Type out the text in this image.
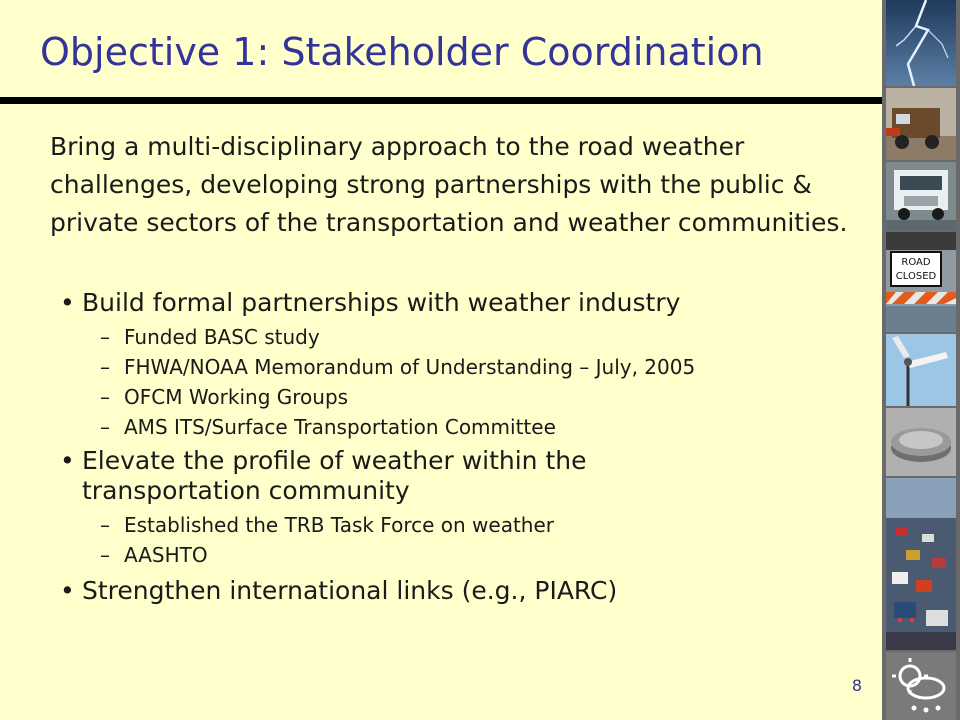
Objective 1: Stakeholder Coordination

Bring a multi-disciplinary approach to the road weather challenges, developing strong partnerships with the public & private sectors of the transportation and weather communities.

• Build formal partnerships with weather industry
– Funded BASC study
– FHWA/NOAA Memorandum of Understanding – July, 2005
– OFCM Working Groups
– AMS ITS/Surface Transportation Committee
• Elevate the profile of weather within the transportation community
– Established the TRB Task Force on weather
– AASHTO
• Strengthen international links (e.g., PIARC)
8
ROAD
CLOSED
